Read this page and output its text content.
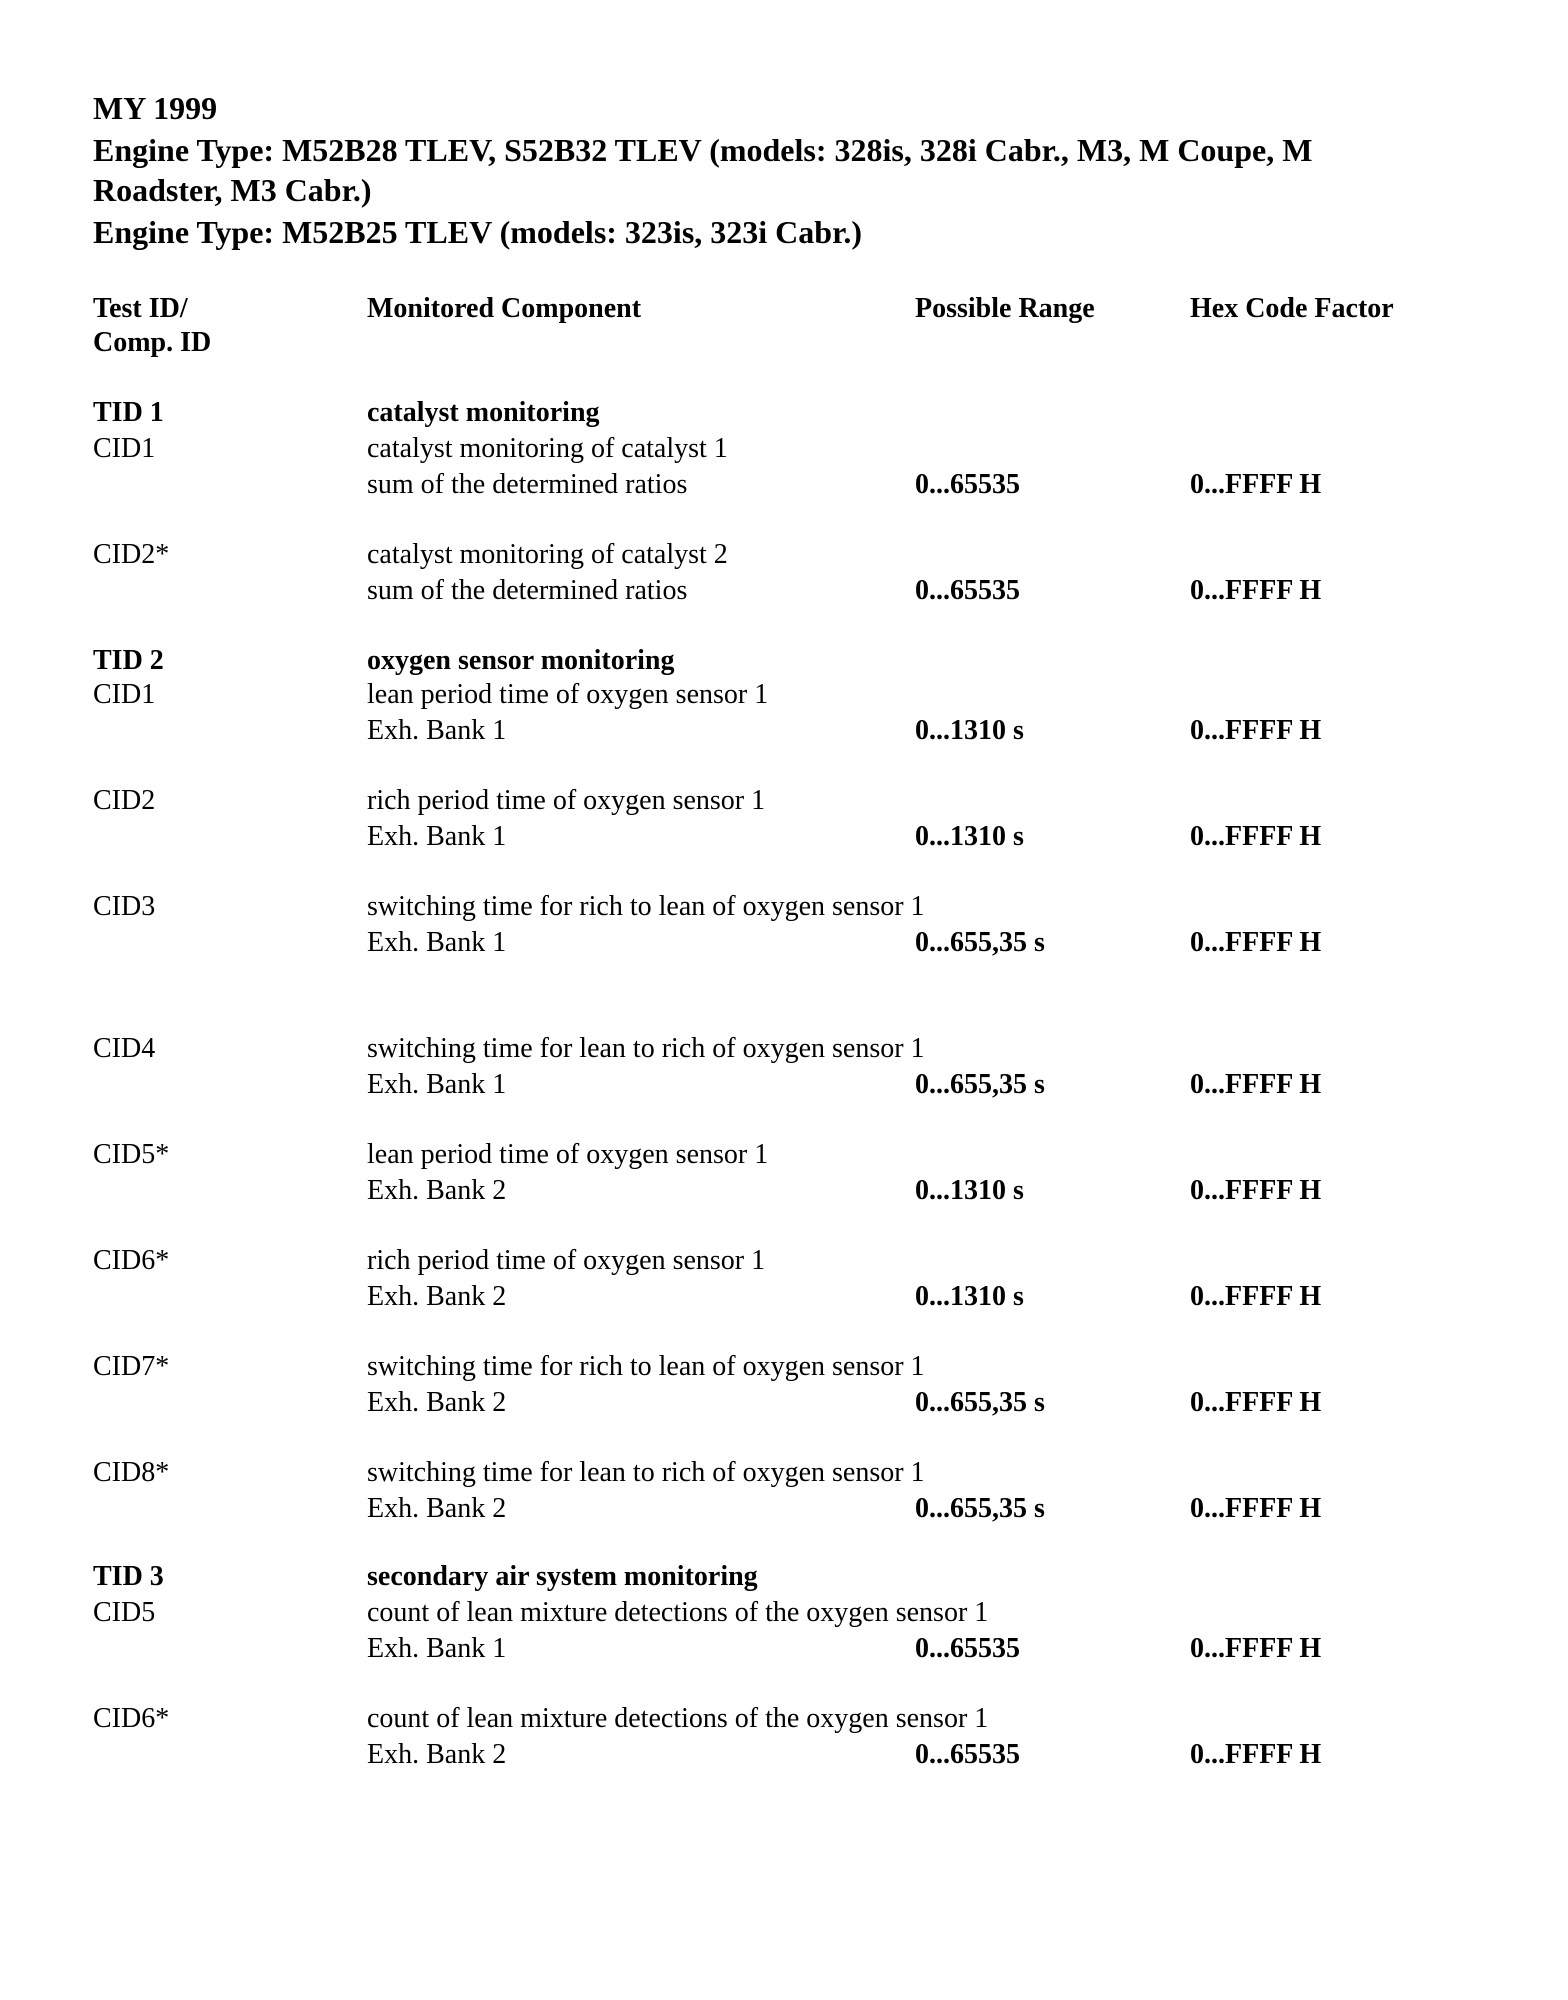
MY 1999
Engine Type: M52B28 TLEV, S52B32 TLEV (models: 328is, 328i Cabr., M3, M Coupe, M
Roadster, M3 Cabr.)
Engine Type: M52B25 TLEV (models: 323is, 323i Cabr.)
Test ID/
Comp. ID
Monitored Component	Possible Range	Hex Code Factor
TID 1	catalyst monitoring
CID1	catalyst monitoring of catalyst 1
sum of the determined ratios	0...65535	0...FFFF H
CID2*	catalyst monitoring of catalyst 2
sum of the determined ratios	0...65535	0...FFFF H
TID 2	oxygen sensor monitoring
CID1	lean period time of oxygen sensor 1
Exh. Bank 1	0...1310 s	0...FFFF H
CID2	rich period time of oxygen sensor 1
Exh. Bank 1	0...1310 s	0...FFFF H
CID3	switching time for rich to lean of oxygen sensor 1
Exh. Bank 1	0...655,35 s	0...FFFF H
CID4	switching time for lean to rich of oxygen sensor 1
Exh. Bank 1	0...655,35 s	0...FFFF H
CID5*	lean period time of oxygen sensor 1
Exh. Bank 2	0...1310 s	0...FFFF H
CID6*	rich period time of oxygen sensor 1
Exh. Bank 2	0...1310 s	0...FFFF H
CID7*	switching time for rich to lean of oxygen sensor 1
Exh. Bank 2	0...655,35 s	0...FFFF H
CID8*	switching time for lean to rich of oxygen sensor 1
Exh. Bank 2	0...655,35 s	0...FFFF H
TID 3	secondary air system monitoring
CID5	count of lean mixture detections of the oxygen sensor 1
Exh. Bank 1	0...65535	0...FFFF H
CID6*	count of lean mixture detections of the oxygen sensor 1
Exh. Bank 2	0...65535	0...FFFF H
